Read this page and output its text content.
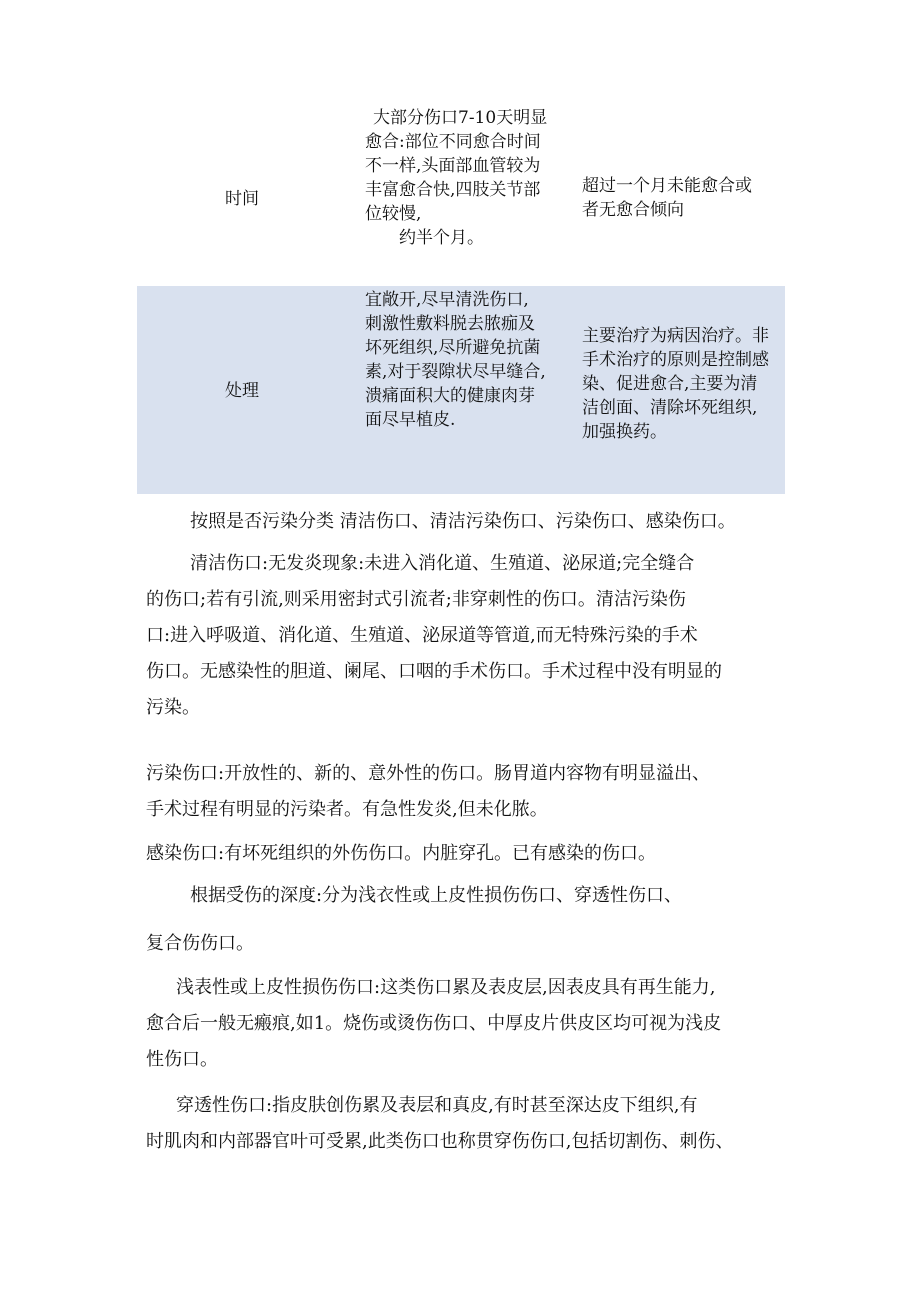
时间
大部分伤口7-10天明显
愈合:部位不同愈合时间
不一样,头面部血管较为
丰富愈合快,四肢关节部
位较慢,
约半个月。
超过一个月未能愈合或
者无愈合倾向
处理
宜敞开,尽早清洗伤口,
刺激性敷料脱去脓痂及
坏死组织,尽所避免抗菌
素,对于裂隙状尽早缝合,
溃痛面积大的健康肉芽
面尽早植皮.
主要治疗为病因治疗。非
手术治疗的原则是控制感
染、促进愈合,主要为清
洁创面、清除坏死组织,
加强换药。
按照是否污染分类 清洁伤口、清洁污染伤口、污染伤口、感染伤口。
清洁伤口:无发炎现象:未进入消化道、生殖道、泌尿道;完全缝合
的伤口;若有引流,则采用密封式引流者;非穿刺性的伤口。清洁污染伤
口:进入呼吸道、消化道、生殖道、泌尿道等管道,而无特殊污染的手术
伤口。无感染性的胆道、阑尾、口咽的手术伤口。手术过程中没有明显的
污染。
污染伤口:开放性的、新的、意外性的伤口。肠胃道内容物有明显溢出、
手术过程有明显的污染者。有急性发炎,但未化脓。
感染伤口:有坏死组织的外伤伤口。内脏穿孔。已有感染的伤口。
根据受伤的深度:分为浅衣性或上皮性损伤伤口、穿透性伤口、
复合伤伤口。
浅表性或上皮性损伤伤口:这类伤口累及表皮层,因表皮具有再生能力,
愈合后一般无瘢痕,如1。烧伤或烫伤伤口、中厚皮片供皮区均可视为浅皮
性伤口。
穿透性伤口:指皮肤创伤累及表层和真皮,有时甚至深达皮下组织,有
时肌肉和内部器官叶可受累,此类伤口也称贯穿伤伤口,包括切割伤、刺伤、
